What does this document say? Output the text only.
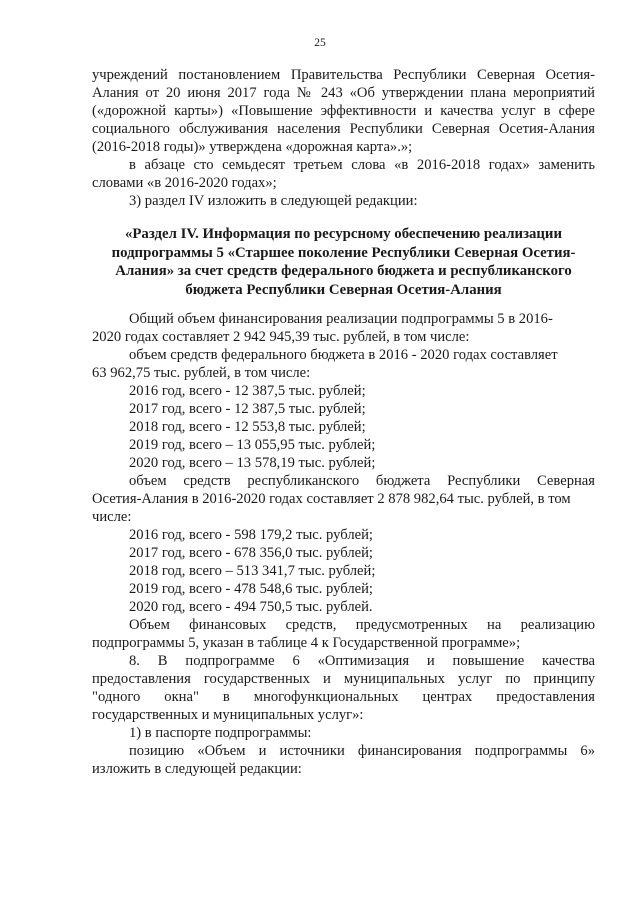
25

учреждений постановлением Правительства Республики Северная Осетия-
Алания от 20 июня 2017 года № 243 «Об утверждении плана мероприятий
(«дорожной карты») «Повышение эффективности и качества услуг в сфере
социального обслуживания населения Республики Северная Осетия-Алания
(2016-2018 годы)» утверждена «дорожная карта».»;

в абзаце сто семьдесят третьем слова «в 2016-2018 годах» заменить

словами «в 2016-2020 годах»;

3) раздел IV изложить в следующей редакции:

«Раздел IV. Информация по ресурсному обеспечению реализации
подпрограммы 5 «Старшее поколение Республики Северная Осетия-
Алания» за счет средств федерального бюджета и республиканского
бюджета Республики Северная Осетия-Алания

Общий объем финансирования реализации подпрограммы 5 в 2016-
2020 годах составляет 2 942 945,39 тыс. рублей, в том числе:

объем средств федерального бюджета в 2016 - 2020 годах составляет
63 962,75 тыс. рублей, в том числе:

2016 год, всего - 12 387,5 тыс. рублей;
2017 год, всего - 12 387,5 тыс. рублей;
2018 год, всего - 12 553,8 тыс. рублей;
2019 год, всего – 13 055,95 тыс. рублей;
2020 год, всего – 13 578,19 тыс. рублей;

объем средств республиканского бюджета Республики Северная
Осетия-Алания в 2016-2020 годах составляет 2 878 982,64 тыс. рублей, в том
числе:

2016 год, всего - 598 179,2 тыс. рублей;
2017 год, всего - 678 356,0 тыс. рублей;
2018 год, всего – 513 341,7 тыс. рублей;
2019 год, всего - 478 548,6 тыс. рублей;
2020 год, всего - 494 750,5 тыс. рублей.

Объем финансовых средств, предусмотренных на реализацию
подпрограммы 5, указан в таблице 4 к Государственной программе»;

8. В подпрограмме 6 «Оптимизация и повышение качества
предоставления государственных и муниципальных услуг по принципу
"одного окна" в многофункциональных центрах предоставления
государственных и муниципальных услуг»:

1) в паспорте подпрограммы:

позицию «Объем и источники финансирования подпрограммы 6»
изложить в следующей редакции:
